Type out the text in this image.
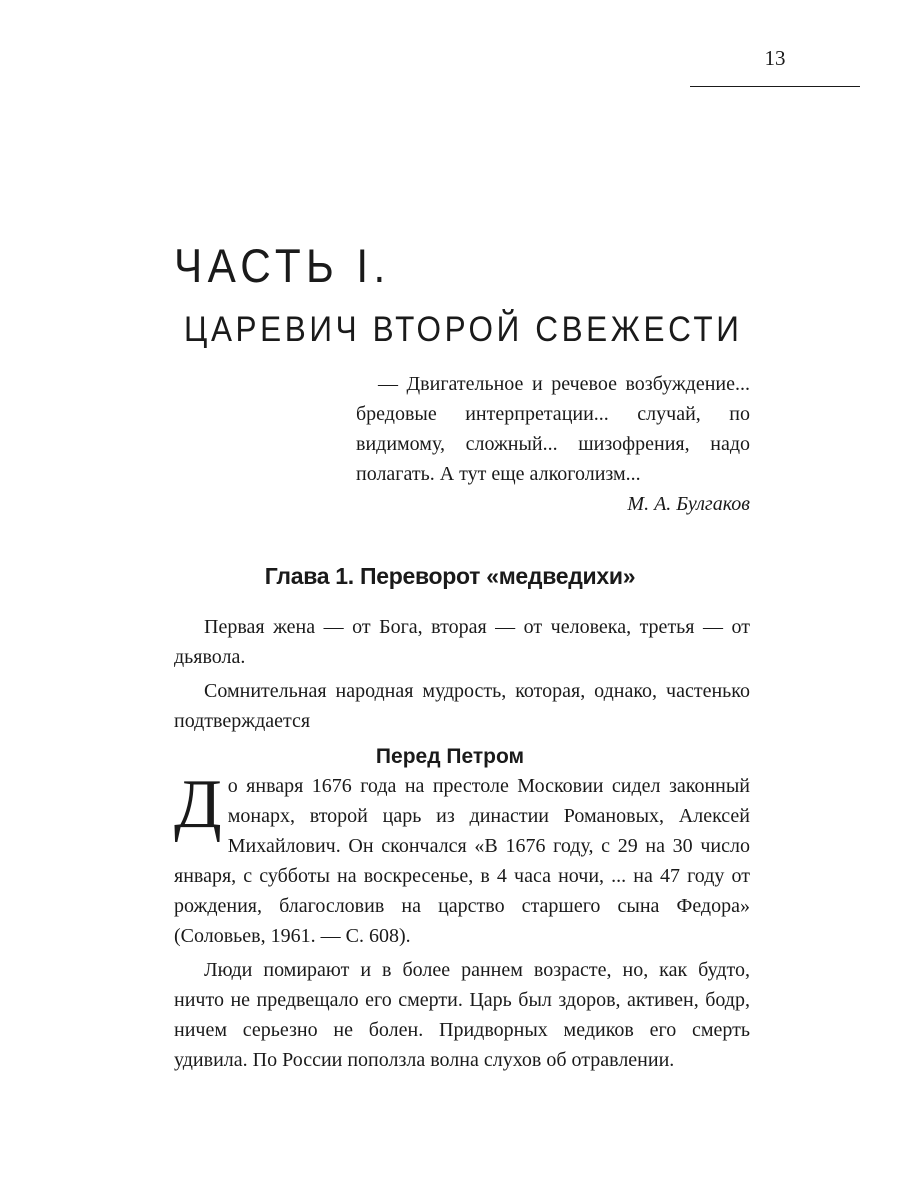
13
ЧАСТЬ I.
ЦАРЕВИЧ ВТОРОЙ СВЕЖЕСТИ

— Двигательное и речевое возбуждение... бредовые интерпретации... случай, по видимому, сложный... шизофрения, надо полагать. А тут еще алкоголизм...

М. А. Булгаков

Глава 1. Переворот «медведихи»

Первая жена — от Бога, вторая — от человека, третья — от дьявола.

Сомнительная народная мудрость, которая, однако, частенько подтверждается

Перед Петром

До января 1676 года на престоле Московии сидел законный монарх, второй царь из династии Романовых, Алексей Михайлович. Он скончался «В 1676 году, с 29 на 30 число января, с субботы на воскресенье, в 4 часа ночи, ... на 47 году от рождения, благословив на царство старшего сына Федора» (Соловьев, 1961. — С. 608).

Люди помирают и в более раннем возрасте, но, как будто, ничто не предвещало его смерти. Царь был здоров, активен, бодр, ничем серьезно не болен. Придворных медиков его смерть удивила. По России поползла волна слухов об отравлении.
